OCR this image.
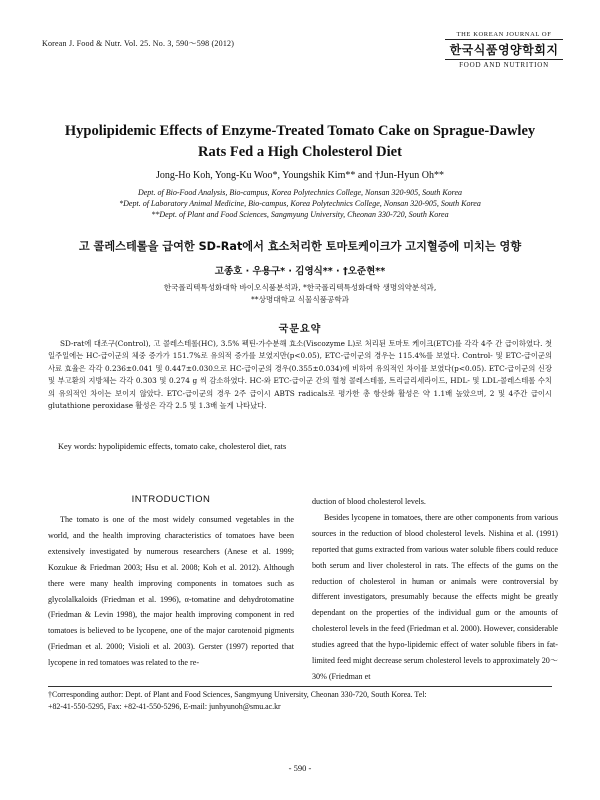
Korean J. Food & Nutr. Vol. 25. No. 3, 590～598 (2012)
THE KOREAN JOURNAL OF
한국식품영양학회지
FOOD AND NUTRITION
Hypolipidemic Effects of Enzyme-Treated Tomato Cake on Sprague-Dawley
Rats Fed a High Cholesterol Diet
Jong-Ho Koh, Yong-Ku Woo*, Youngshik Kim** and †Jun-Hyun Oh**
Dept. of Bio-Food Analysis, Bio-campus, Korea Polytechnics College, Nonsan 320-905, South Korea
*Dept. of Laboratory Animal Medicine, Bio-campus, Korea Polytechnics College, Nonsan 320-905, South Korea
**Dept. of Plant and Food Sciences, Sangmyung University, Cheonan 330-720, South Korea
고 콜레스테롤을 급여한 SD-Rat에서 효소처리한 토마토케이크가 고지혈증에 미치는 영향
고종호 · 우용구* · 김영식** · †오준현**
한국폴리텍특성화대학 바이오식품분석과, *한국폴리텍특성화대학 생명의약분석과,
**상명대학교 식물식품공학과
국문요약

SD-rat에 대조구(Control), 고 콜레스테롤(HC), 3.5% 펙틴-가수분해 효소(Viscozyme L)로 처리된 토마토 케이크(ETC)를 각각 4주 간 급이하였다. 첫 일주일에는 HC-급이군의 체중 증가가 151.7%로 유의적 증가를 보였지만(p<0.05), ETC-급이군의 경우는 115.4%를 보였다. Control- 및 ETC-급이군의 사료 효율은 각각 0.236±0.041 및 0.447±0.030으로 HC-급이군의 경우(0.355±0.034)에 비하여 유의적인 차이를 보였다(p<0.05). ETC-급이군의 신장 및 부고환의 지방체는 각각 0.303 및 0.274 g 씩 감소하였다. HC-와 ETC-급이군 간의 혈청 콜레스테롤, 트리글리세라이드, HDL- 및 LDL-콜레스테롤 수치의 유의적인 차이는 보이지 않았다. ETC-급이군의 경우 2주 급이시 ABTS radicals로 평가한 총 항산화 활성은 약 1.1배 높았으며, 2 및 4주간 급이시 glutathione peroxidase 활성은 각각 2.5 및 1.3배 높게 나타났다.

Key words: hypolipidemic effects, tomato cake, cholesterol diet, rats

INTRODUCTION

The tomato is one of the most widely consumed vegetables in the world, and the health improving characteristics of tomatoes have been extensively investigated by numerous researchers (Anese et al. 1999; Kozukue & Friedman 2003; Hsu et al. 2008; Koh et al. 2012). Although there were many health improving components in tomatoes such as glycolalkaloids (Friedman et al. 1996), α-tomatine and dehydrotomatine (Friedman & Levin 1998), the major health improving component in red tomatoes is believed to be lycopene, one of the major carotenoid pigments (Friedman et al. 2000; Visioli et al. 2003). Gerster (1997) reported that lycopene in red tomatoes was related to the re-

duction of blood cholesterol levels.

Besides lycopene in tomatoes, there are other components from various sources in the reduction of blood cholesterol levels. Nishina et al. (1991) reported that gums extracted from various water soluble fibers could reduce both serum and liver cholesterol in rats. The effects of the gums on the reduction of cholesterol in human or animals were controversial by different investigators, presumably because the effects might be greatly dependant on the properties of the individual gum or the amounts of cholesterol levels in the feed (Friedman et al. 2000). However, considerable studies agreed that the hypo-lipidemic effect of water soluble fibers in fat-limited feed might decrease serum cholesterol levels to approximately 20～30% (Friedman et

†Corresponding author: Dept. of Plant and Food Sciences, Sangmyung University, Cheonan 330-720, South Korea. Tel:
+82-41-550-5295, Fax: +82-41-550-5296, E-mail: junhyunoh@smu.ac.kr
- 590 -
